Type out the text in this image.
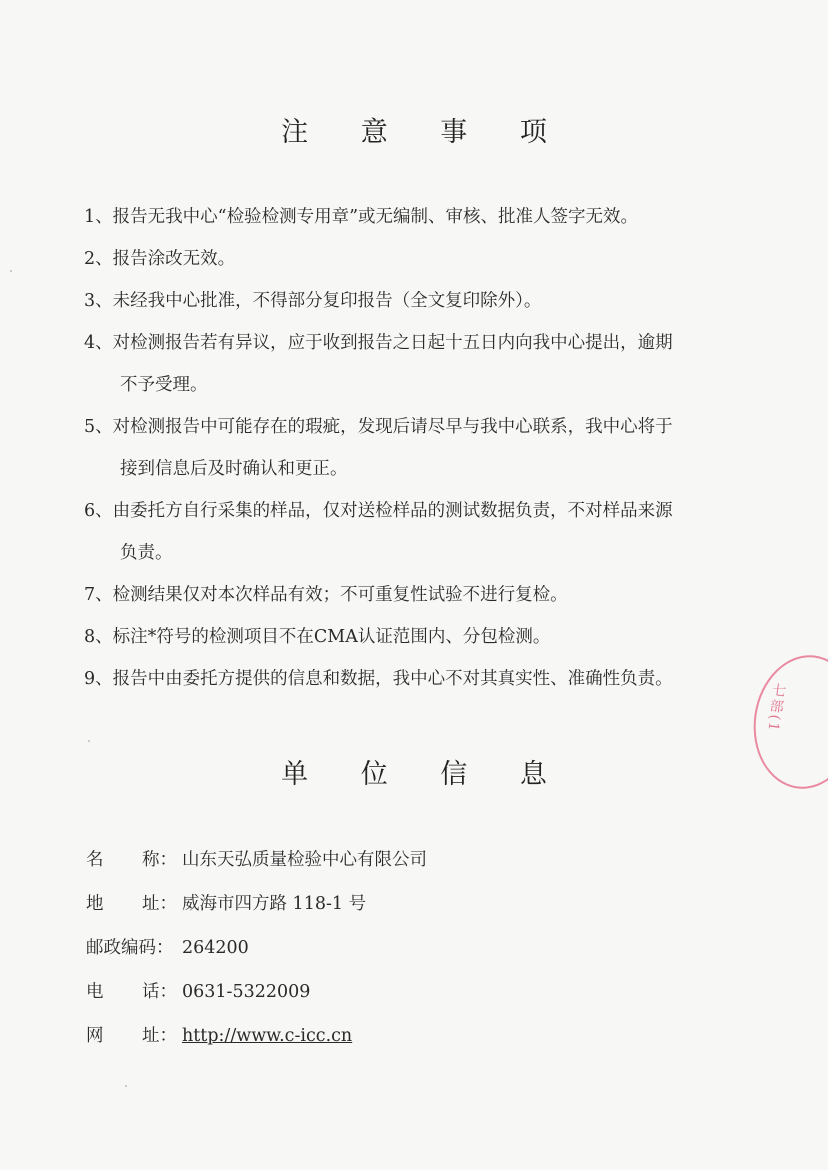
注 意 事 项
1、报告无我中心“检验检测专用章”或无编制、审核、批准人签字无效。
2、报告涂改无效。
3、未经我中心批准，不得部分复印报告（全文复印除外）。
4、对检测报告若有异议，应于收到报告之日起十五日内向我中心提出，逾期
不予受理。
5、对检测报告中可能存在的瑕疵，发现后请尽早与我中心联系，我中心将于
接到信息后及时确认和更正。
6、由委托方自行采集的样品，仅对送检样品的测试数据负责，不对样品来源
负责。
7、检测结果仅对本次样品有效；不可重复性试验不进行复检。
8、标注*符号的检测项目不在CMA认证范围内、分包检测。
9、报告中由委托方提供的信息和数据，我中心不对其真实性、准确性负责。
单 位 信 息
名 称： 山东天弘质量检验中心有限公司
地 址： 威海市四方路 118-1 号
邮政编码： 264200
电 话： 0631-5322009
网 址： http://www.c-icc.cn
七部(1
